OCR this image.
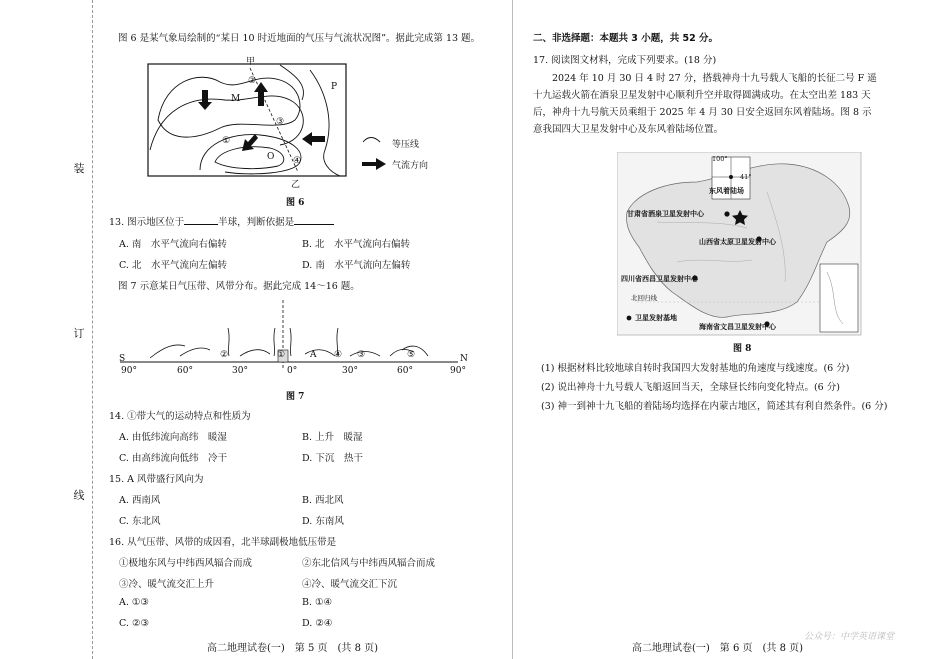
装
订
线
图 6 是某气象局绘制的“某日 10 时近地面的气压与气流状况图”。据此完成第 13 题。
甲
②
M
P
③
①
O ④
乙
等压线
气流方向
图 6
13. 图示地区位于	半球，判断依据是
A. 南　水平气流向右偏转	B. 北　水平气流向右偏转
C. 北　水平气流向左偏转	D. 南　水平气流向左偏转
图 7 示意某日气压带、风带分布。据此完成 14～16 题。
②	①	A ④ ③	⑤
S	N
90°	60°	30°	0°	30°	60°	90°
图 7
14. ①带大气的运动特点和性质为
A. 由低纬流向高纬　暖湿	B. 上升　暖湿
C. 由高纬流向低纬　冷干	D. 下沉　热干
15. A 风带盛行风向为
A. 西南风	B. 西北风
C. 东北风	D. 东南风
16. 从气压带、风带的成因看，北半球副极地低压带是
①极地东风与中纬西风辐合而成	②东北信风与中纬西风辐合而成
③冷、暖气流交汇上升	④冷、暖气流交汇下沉
A. ①③	B. ①④
C. ②③	D. ②④
高二地理试卷(一)　第 5 页　(共 8 页)
二、非选择题：本题共 3 小题，共 52 分。
17. 阅读图文材料，完成下列要求。(18 分)
2024 年 10 月 30 日 4 时 27 分，搭载神舟十九号载人飞船的长征二号 F 遥十九运载火箭在酒泉卫星发射中心顺利升空并取得圆满成功。在太空出差 183 天后，神舟十九号航天员乘组于 2025 年 4 月 30 日安全返回东风着陆场。图 8 示意我国四大卫星发射中心及东风着陆场位置。
100°
41°
东风着陆场
甘肃省酒泉卫星发射中心
山西省太原卫星发射中心
四川省西昌卫星发射中心
北回归线
卫星发射基地
海南省文昌卫星发射中心
图 8
(1) 根据材料比较地球自转时我国四大发射基地的角速度与线速度。(6 分)
(2) 说出神舟十九号载人飞船返回当天，全球昼长纬向变化特点。(6 分)
(3) 神一到神十九飞船的着陆场均选择在内蒙古地区，简述其有利自然条件。(6 分)
高二地理试卷(一)　第 6 页　(共 8 页)
公众号：中学英语课堂
